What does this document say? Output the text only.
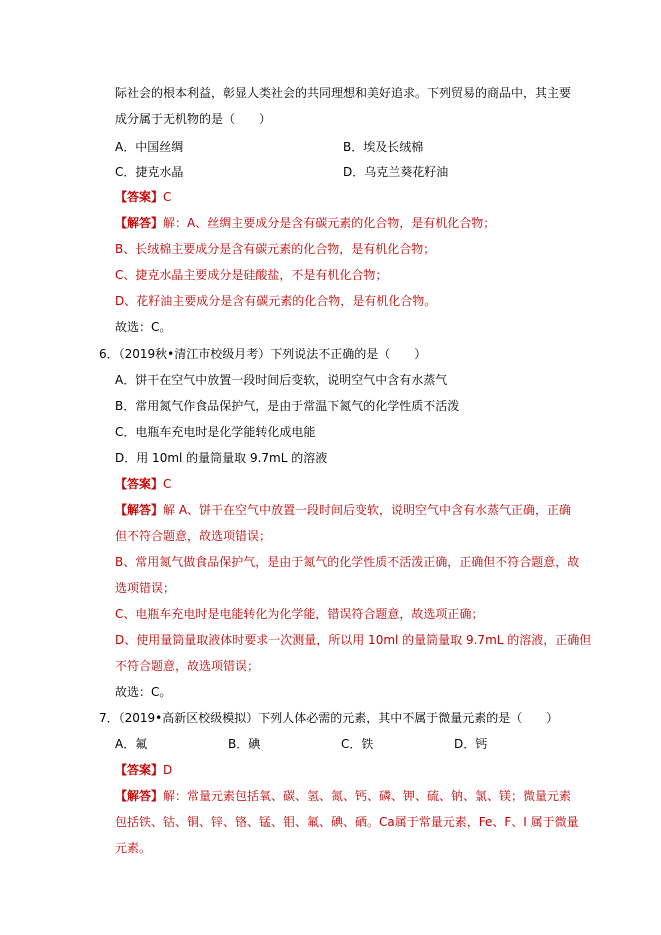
际社会的根本利益，彰显人类社会的共同理想和美好追求。下列贸易的商品中，其主要
成分属于无机物的是（　　）
A．中国丝绸	B．埃及长绒棉
C．捷克水晶	D．乌克兰葵花籽油
【答案】C
【解答】解：A、丝绸主要成分是含有碳元素的化合物，是有机化合物；
B、长绒棉主要成分是含有碳元素的化合物，是有机化合物；
C、捷克水晶主要成分是硅酸盐，不是有机化合物；
D、花籽油主要成分是含有碳元素的化合物，是有机化合物。
故选：C。
6．（2019秋•清江市校级月考）下列说法不正确的是（　　）
A．饼干在空气中放置一段时间后变软，说明空气中含有水蒸气
B．常用氮气作食品保护气，是由于常温下氮气的化学性质不活泼
C．电瓶车充电时是化学能转化成电能
D．用 10ml 的量筒量取 9.7mL 的溶液
【答案】C
【解答】解 A、饼干在空气中放置一段时间后变软，说明空气中含有水蒸气正确，正确
但不符合题意，故选项错误；
B、常用氮气做食品保护气，是由于氮气的化学性质不活泼正确，正确但不符合题意，故
选项错误；
C、电瓶车充电时是电能转化为化学能，错误符合题意，故选项正确；
D、使用量筒量取液体时要求一次测量，所以用 10ml 的量筒量取 9.7mL 的溶液，正确但
不符合题意，故选项错误；
故选：C。
7．（2019•高新区校级模拟）下列人体必需的元素，其中不属于微量元素的是（　　）
A．氟	B．碘	C．铁	D．钙
【答案】D
【解答】解：常量元素包括氧、碳、氢、氮、钙、磷、钾、硫、钠、氯、镁；微量元素
包括铁、钴、铜、锌、铬、锰、钼、氟、碘、硒。Ca属于常量元素，Fe、F、I 属于微量
元素。
